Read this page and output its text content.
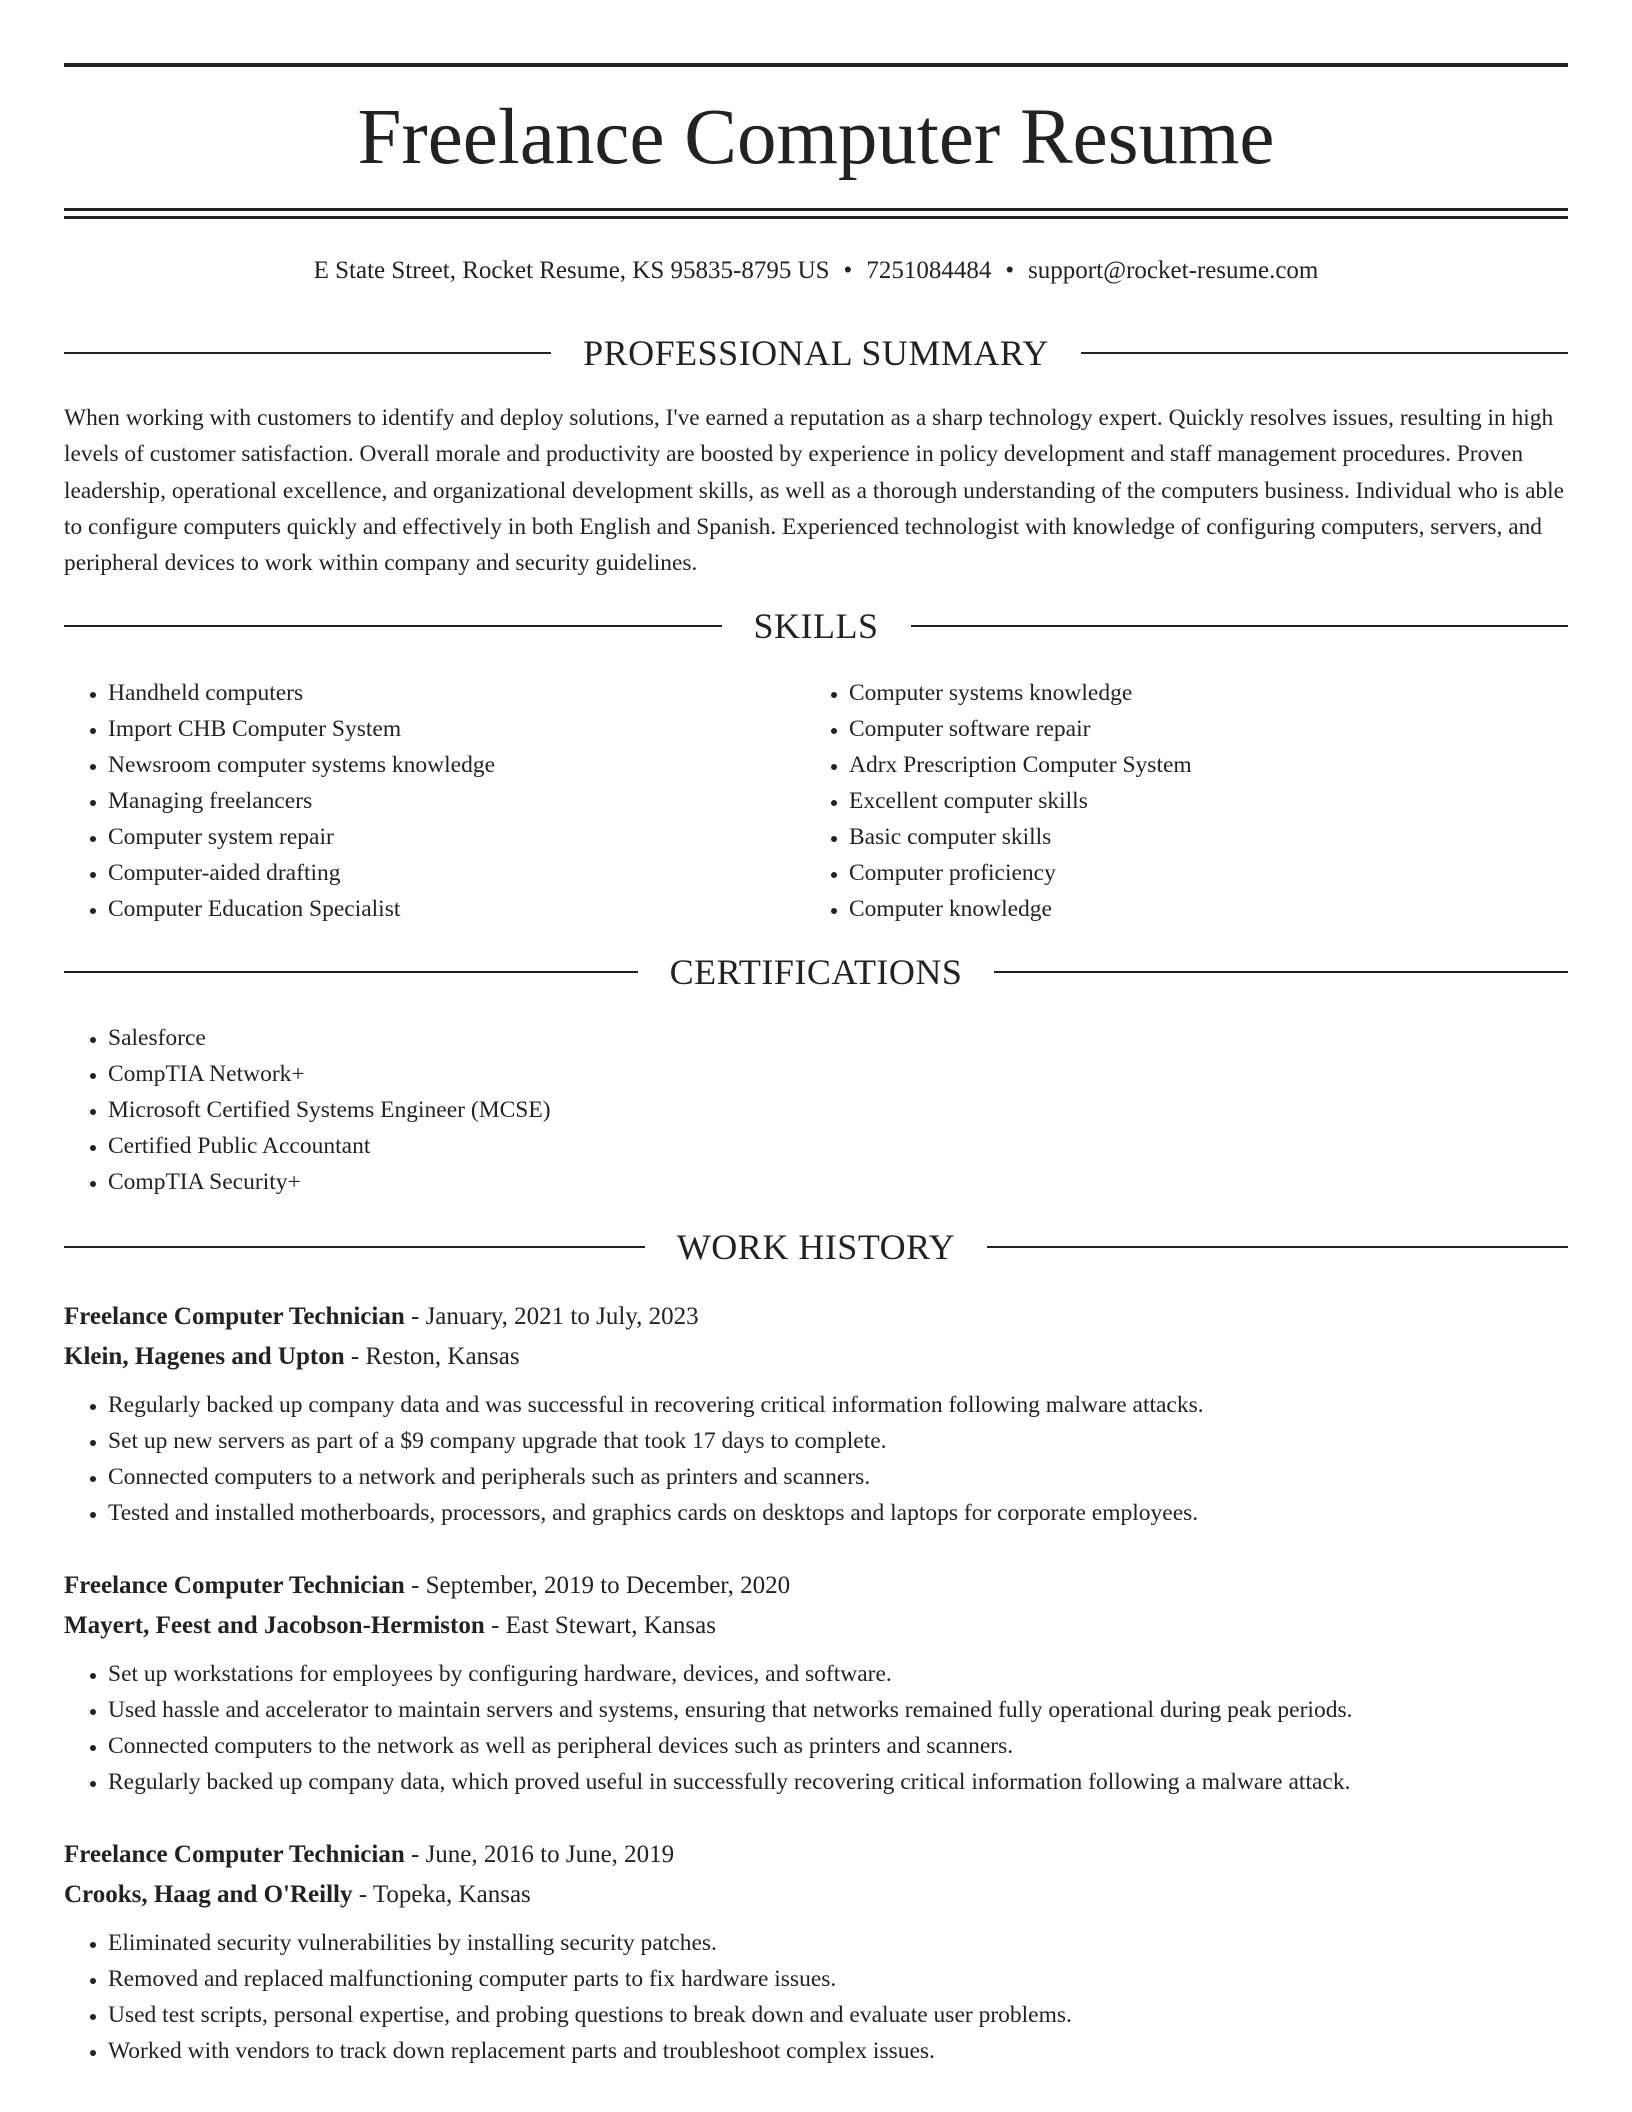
Freelance Computer Resume
E State Street, Rocket Resume, KS 95835-8795 US • 7251084484 • support@rocket-resume.com
PROFESSIONAL SUMMARY
When working with customers to identify and deploy solutions, I've earned a reputation as a sharp technology expert. Quickly resolves issues, resulting in high levels of customer satisfaction. Overall morale and productivity are boosted by experience in policy development and staff management procedures. Proven leadership, operational excellence, and organizational development skills, as well as a thorough understanding of the computers business. Individual who is able to configure computers quickly and effectively in both English and Spanish. Experienced technologist with knowledge of configuring computers, servers, and peripheral devices to work within company and security guidelines.
SKILLS
• Handheld computers
• Import CHB Computer System
• Newsroom computer systems knowledge
• Managing freelancers
• Computer system repair
• Computer-aided drafting
• Computer Education Specialist
• Computer systems knowledge
• Computer software repair
• Adrx Prescription Computer System
• Excellent computer skills
• Basic computer skills
• Computer proficiency
• Computer knowledge
CERTIFICATIONS
• Salesforce
• CompTIA Network+
• Microsoft Certified Systems Engineer (MCSE)
• Certified Public Accountant
• CompTIA Security+
WORK HISTORY
Freelance Computer Technician - January, 2021 to July, 2023
Klein, Hagenes and Upton - Reston, Kansas
• Regularly backed up company data and was successful in recovering critical information following malware attacks.
• Set up new servers as part of a $9 company upgrade that took 17 days to complete.
• Connected computers to a network and peripherals such as printers and scanners.
• Tested and installed motherboards, processors, and graphics cards on desktops and laptops for corporate employees.
Freelance Computer Technician - September, 2019 to December, 2020
Mayert, Feest and Jacobson-Hermiston - East Stewart, Kansas
• Set up workstations for employees by configuring hardware, devices, and software.
• Used hassle and accelerator to maintain servers and systems, ensuring that networks remained fully operational during peak periods.
• Connected computers to the network as well as peripheral devices such as printers and scanners.
• Regularly backed up company data, which proved useful in successfully recovering critical information following a malware attack.
Freelance Computer Technician - June, 2016 to June, 2019
Crooks, Haag and O'Reilly - Topeka, Kansas
• Eliminated security vulnerabilities by installing security patches.
• Removed and replaced malfunctioning computer parts to fix hardware issues.
• Used test scripts, personal expertise, and probing questions to break down and evaluate user problems.
• Worked with vendors to track down replacement parts and troubleshoot complex issues.
